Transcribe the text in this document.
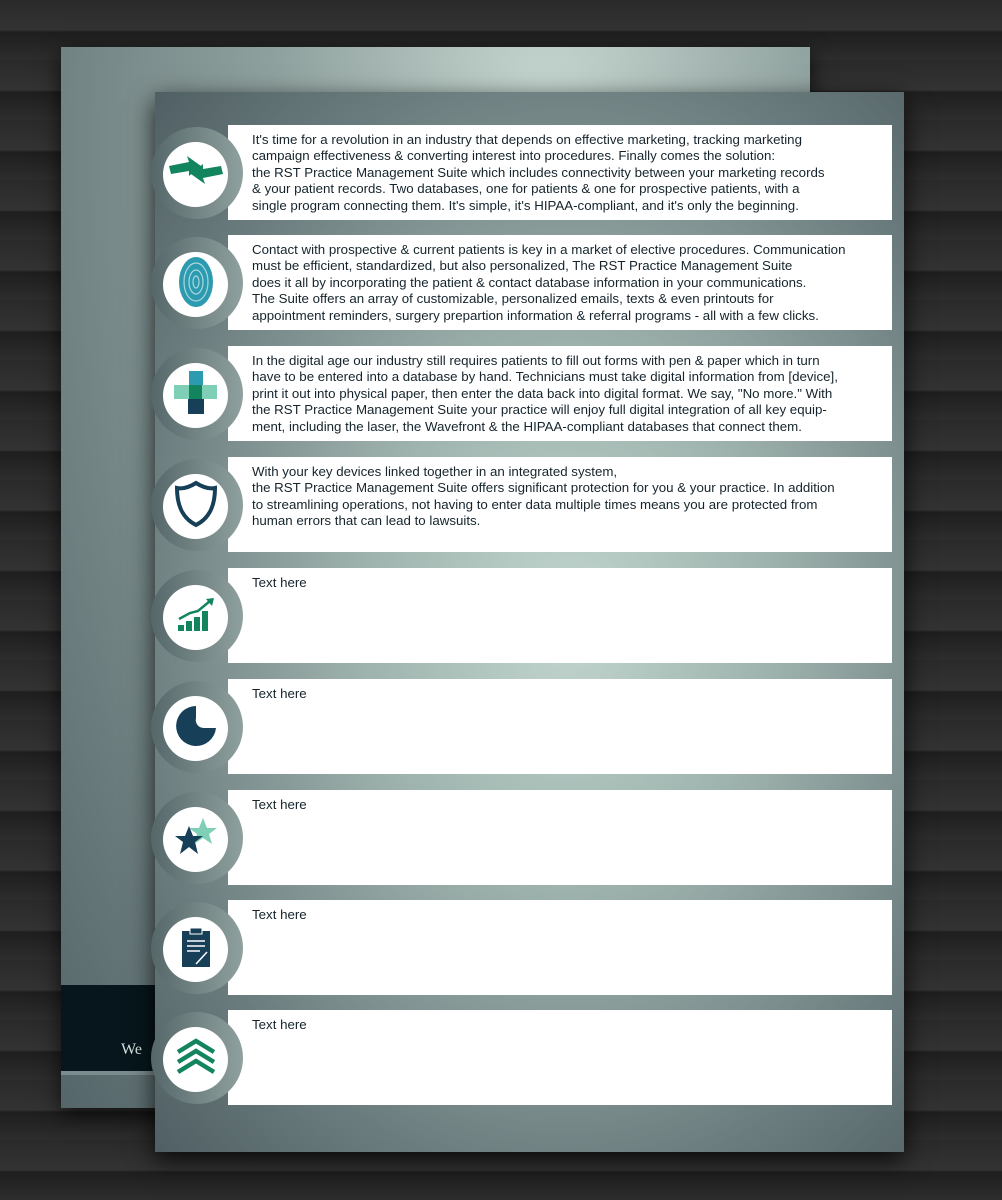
We
It's time for a revolution in an industry that depends on effective marketing, tracking marketing
campaign effectiveness & converting interest into procedures. Finally comes the solution:
the RST Practice Management Suite which includes connectivity between your marketing records
& your patient records. Two databases, one for patients & one for prospective patients, with a
single program connecting them. It's simple, it's HIPAA-compliant, and it's only the beginning.
Contact with prospective & current patients is key in a market of elective procedures. Communication
must be efficient, standardized, but also personalized, The RST Practice Management Suite
does it all by incorporating the patient & contact database information in your communications.
The Suite offers an array of customizable, personalized emails, texts & even printouts for
appointment reminders, surgery prepartion information & referral programs - all with a few clicks.
In the digital age our industry still requires patients to fill out forms with pen & paper which in turn
have to be entered into a database by hand. Technicians must take digital information from [device],
print it out into physical paper, then enter the data back into digital format. We say, "No more." With
the RST Practice Management Suite your practice will enjoy full digital integration of all key equip-
ment, including the laser, the Wavefront & the HIPAA-compliant databases that connect them.
With your key devices linked together in an integrated system,
the RST Practice Management Suite offers significant protection for you & your practice. In addition
to streamlining operations, not having to enter data multiple times means you are protected from
human errors that can lead to lawsuits.
Text here
Text here
Text here
Text here
Text here
